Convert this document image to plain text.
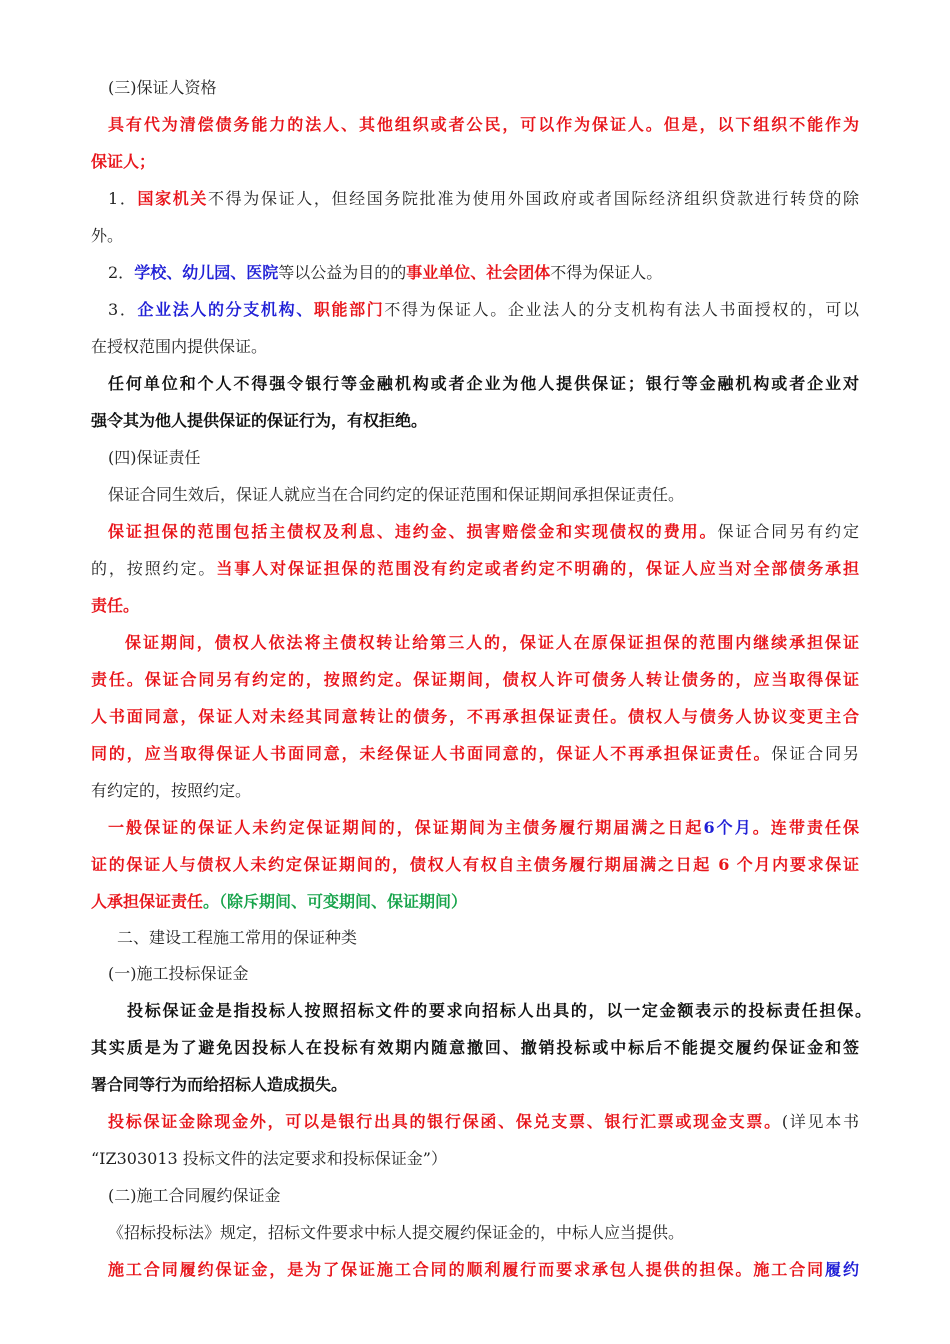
(三)保证人资格
具有代为清偿债务能力的法人、其他组织或者公民，可以作为保证人。但是，以下组织不能作为
保证人；
1．国家机关不得为保证人，但经国务院批准为使用外国政府或者国际经济组织贷款进行转贷的除
外。
2．学校、幼儿园、医院等以公益为目的的事业单位、社会团体不得为保证人。
3．企业法人的分支机构、职能部门不得为保证人。企业法人的分支机构有法人书面授权的，可以
在授权范围内提供保证。
任何单位和个人不得强令银行等金融机构或者企业为他人提供保证；银行等金融机构或者企业对
强令其为他人提供保证的保证行为，有权拒绝。
(四)保证责任
保证合同生效后，保证人就应当在合同约定的保证范围和保证期间承担保证责任。
保证担保的范围包括主债权及利息、违约金、损害赔偿金和实现债权的费用。保证合同另有约定
的，按照约定。当事人对保证担保的范围没有约定或者约定不明确的，保证人应当对全部债务承担
责任。
保证期间，债权人依法将主债权转让给第三人的，保证人在原保证担保的范围内继续承担保证
责任。保证合同另有约定的，按照约定。保证期间，债权人许可债务人转让债务的，应当取得保证
人书面同意，保证人对未经其同意转让的债务，不再承担保证责任。债权人与债务人协议变更主合
同的，应当取得保证人书面同意，未经保证人书面同意的，保证人不再承担保证责任。保证合同另
有约定的，按照约定。
一般保证的保证人未约定保证期间的，保证期间为主债务履行期届满之日起6个月。连带责任保
证的保证人与债权人未约定保证期间的，债权人有权自主债务履行期届满之日起 6 个月内要求保证
人承担保证责任。（除斥期间、可变期间、保证期间）
二、建设工程施工常用的保证种类
(一)施工投标保证金
投标保证金是指投标人按照招标文件的要求向招标人出具的，以一定金额表示的投标责任担保。
其实质是为了避免因投标人在投标有效期内随意撤回、撤销投标或中标后不能提交履约保证金和签
署合同等行为而给招标人造成损失。
投标保证金除现金外，可以是银行出具的银行保函、保兑支票、银行汇票或现金支票。(详见本书
“IZ303013 投标文件的法定要求和投标保证金”）
(二)施工合同履约保证金
《招标投标法》规定，招标文件要求中标人提交履约保证金的，中标人应当提供。
施工合同履约保证金，是为了保证施工合同的顺利履行而要求承包人提供的担保。施工合同履约
